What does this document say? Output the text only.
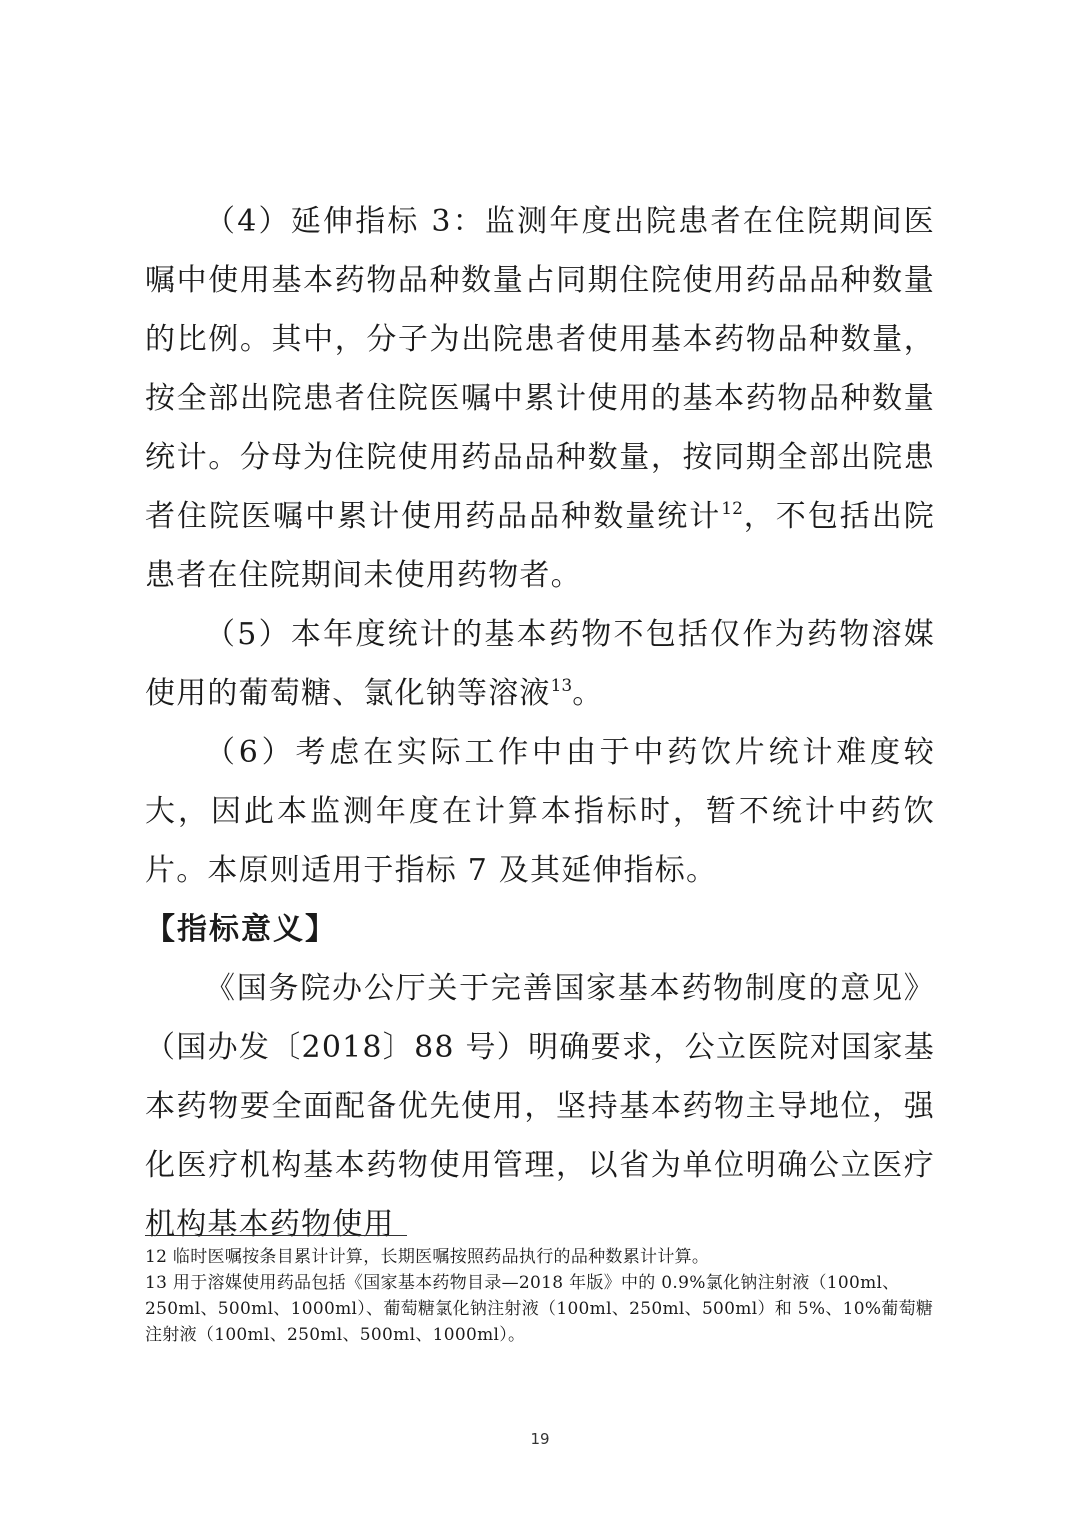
（4）延伸指标 3：监测年度出院患者在住院期间医嘱中使用基本药物品种数量占同期住院使用药品品种数量的比例。其中，分子为出院患者使用基本药物品种数量，按全部出院患者住院医嘱中累计使用的基本药物品种数量统计。分母为住院使用药品品种数量，按同期全部出院患者住院医嘱中累计使用药品品种数量统计$^{12}$，不包括出院患者在住院期间未使用药物者。

（5）本年度统计的基本药物不包括仅作为药物溶媒使用的葡萄糖、氯化钠等溶液$^{13}$。

（6）考虑在实际工作中由于中药饮片统计难度较大，因此本监测年度在计算本指标时，暂不统计中药饮片。本原则适用于指标 7 及其延伸指标。

【指标意义】

《国务院办公厅关于完善国家基本药物制度的意见》（国办发〔2018〕88 号）明确要求，公立医院对国家基本药物要全面配备优先使用，坚持基本药物主导地位，强化医疗机构基本药物使用管理，以省为单位明确公立医疗机构基本药物使用

12 临时医嘱按条目累计计算，长期医嘱按照药品执行的品种数累计计算。

13 用于溶媒使用药品包括《国家基本药物目录—2018 年版》中的 0.9%氯化钠注射液（100ml、250ml、500ml、1000ml）、葡萄糖氯化钠注射液（100ml、250ml、500ml）和 5%、10%葡萄糖注射液（100ml、250ml、500ml、1000ml）。

19
